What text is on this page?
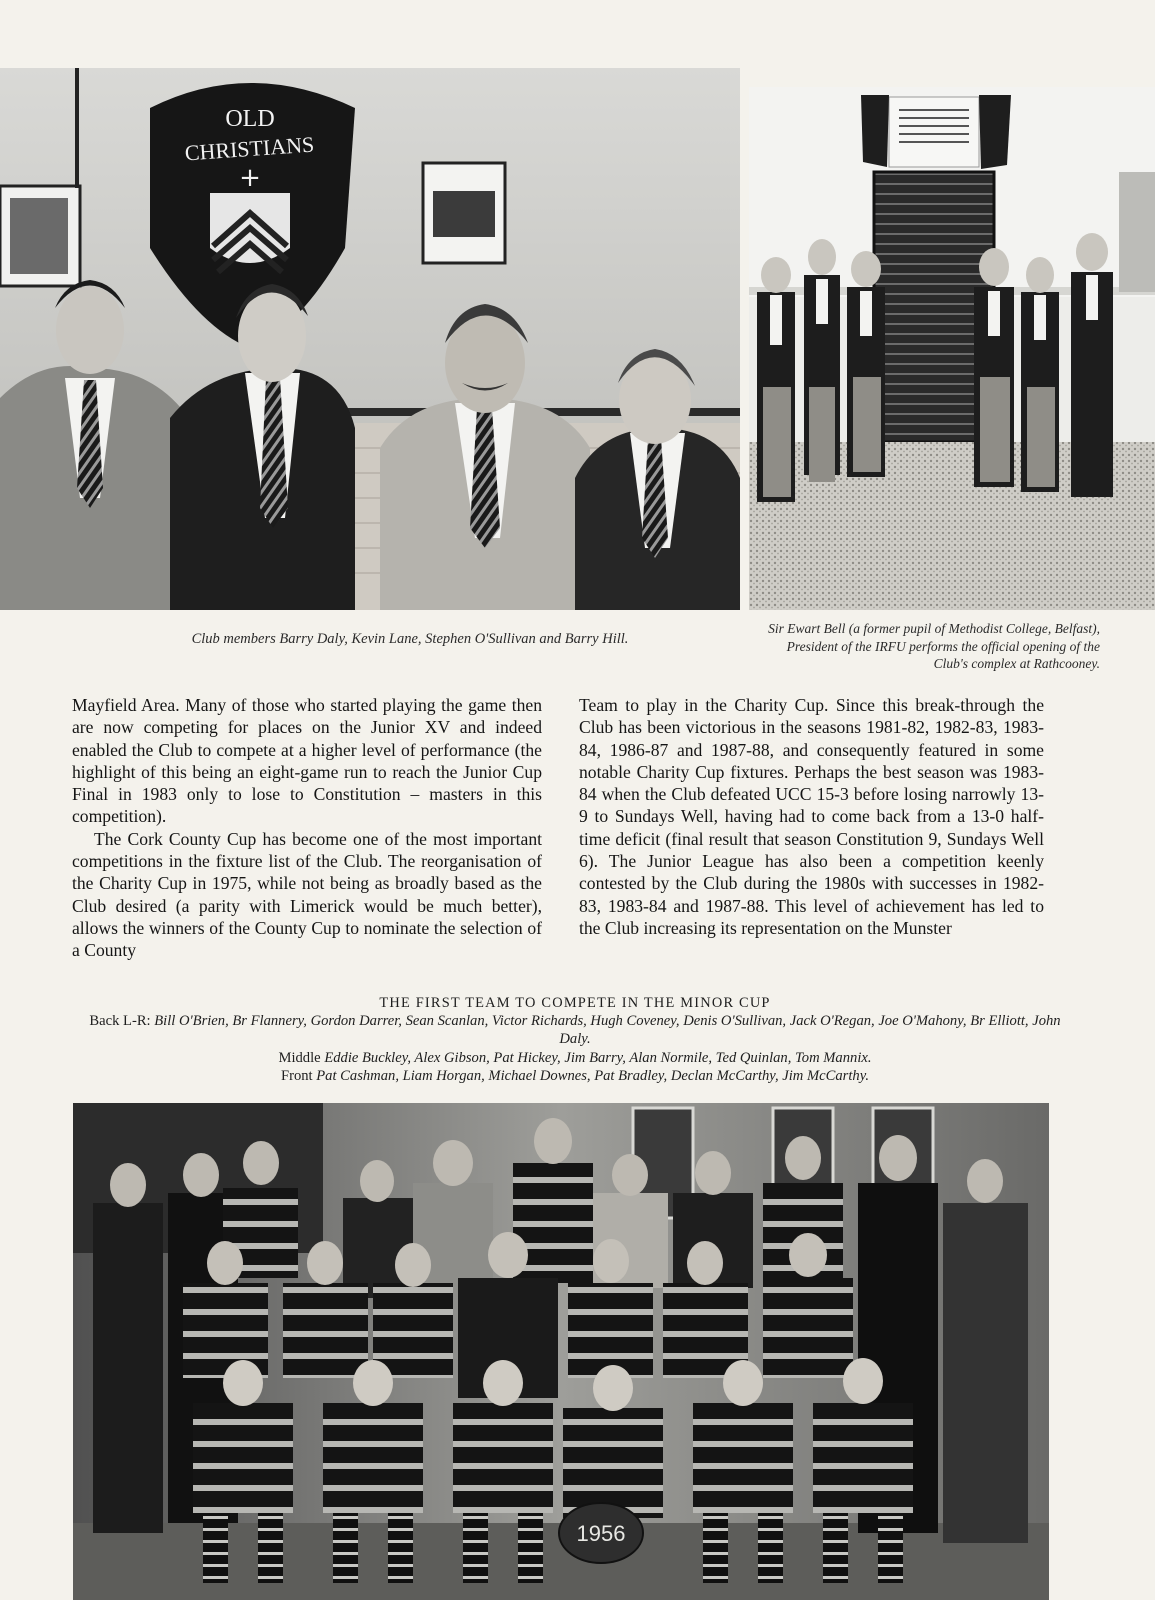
OLD
CHRISTIANS
+
Club members Barry Daly, Kevin Lane, Stephen O'Sullivan and Barry Hill.
Sir Ewart Bell (a former pupil of Methodist College, Belfast), President of the IRFU performs the official opening of the Club's complex at Rathcooney.

Mayfield Area. Many of those who started playing the game then are now competing for places on the Junior XV and indeed enabled the Club to compete at a higher level of performance (the highlight of this being an eight-game run to reach the Junior Cup Final in 1983 only to lose to Constitution – masters in this competition).

The Cork County Cup has become one of the most important competitions in the fixture list of the Club. The reorganisation of the Charity Cup in 1975, while not being as broadly based as the Club desired (a parity with Limerick would be much better), allows the winners of the County Cup to nominate the selection of a County

Team to play in the Charity Cup. Since this break-through the Club has been victorious in the seasons 1981-82, 1982-83, 1983-84, 1986-87 and 1987-88, and consequently featured in some notable Charity Cup fixtures. Perhaps the best season was 1983-84 when the Club defeated UCC 15-3 before losing narrowly 13-9 to Sundays Well, having had to come back from a 13-0 half-time deficit (final result that season Constitution 9, Sundays Well 6). The Junior League has also been a competition keenly contested by the Club during the 1980s with successes in 1982-83, 1983-84 and 1987-88. This level of achievement has led to the Club increasing its representation on the Munster

THE FIRST TEAM TO COMPETE IN THE MINOR CUP
Back L-R: Bill O'Brien, Br Flannery, Gordon Darrer, Sean Scanlan, Victor Richards, Hugh Coveney, Denis O'Sullivan, Jack O'Regan, Joe O'Mahony, Br Elliott, John Daly.
Middle Eddie Buckley, Alex Gibson, Pat Hickey, Jim Barry, Alan Normile, Ted Quinlan, Tom Mannix.
Front Pat Cashman, Liam Horgan, Michael Downes, Pat Bradley, Declan McCarthy, Jim McCarthy.
1956
